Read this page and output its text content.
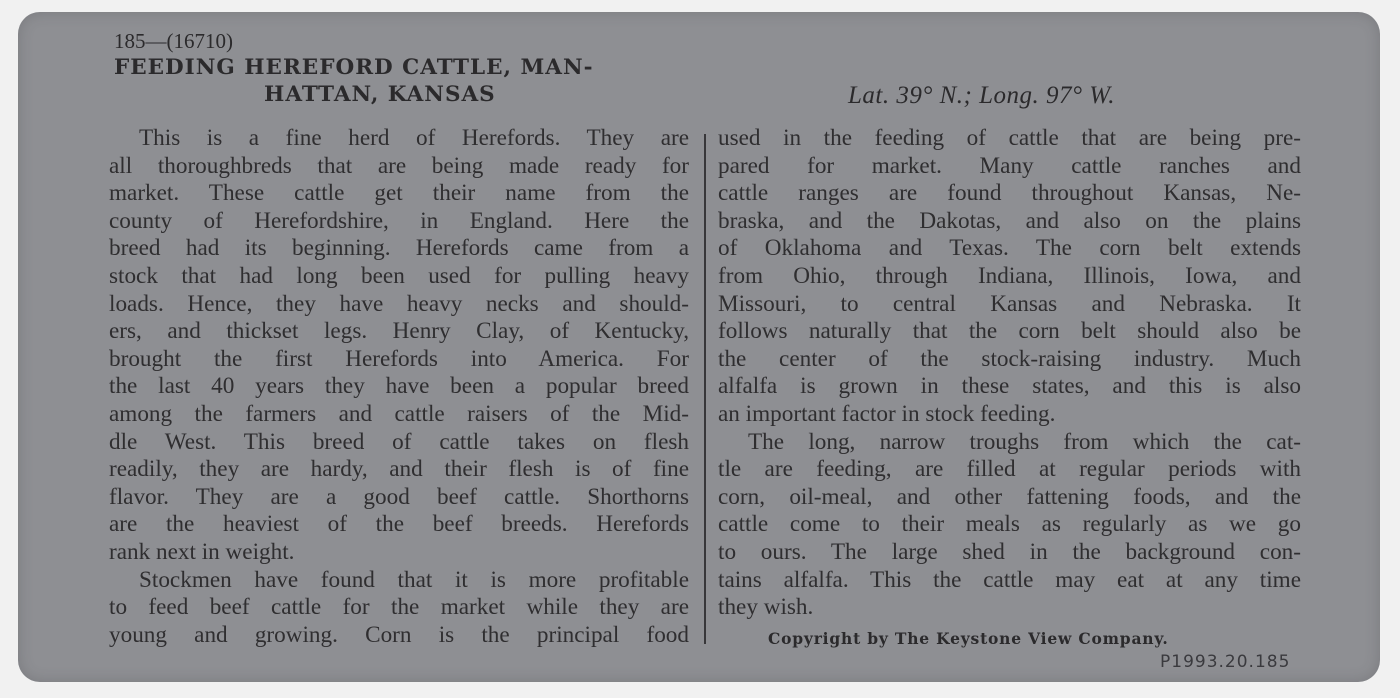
185—(16710)
FEEDING HEREFORD CATTLE, MAN-
HATTAN, KANSAS	Lat. 39° N.; Long. 97° W.

This is a fine herd of Herefords. They are
all thoroughbreds that are being made ready for
market. These cattle get their name from the
county of Herefordshire, in England. Here the
breed had its beginning. Herefords came from a
stock that had long been used for pulling heavy
loads. Hence, they have heavy necks and should-
ers, and thickset legs. Henry Clay, of Kentucky,
brought the first Herefords into America. For
the last 40 years they have been a popular breed
among the farmers and cattle raisers of the Mid-
dle West. This breed of cattle takes on flesh
readily, they are hardy, and their flesh is of fine
flavor. They are a good beef cattle. Shorthorns
are the heaviest of the beef breeds. Herefords
rank next in weight.

Stockmen have found that it is more profitable
to feed beef cattle for the market while they are
young and growing. Corn is the principal food

used in the feeding of cattle that are being pre-
pared for market. Many cattle ranches and
cattle ranges are found throughout Kansas, Ne-
braska, and the Dakotas, and also on the plains
of Oklahoma and Texas. The corn belt extends
from Ohio, through Indiana, Illinois, Iowa, and
Missouri, to central Kansas and Nebraska. It
follows naturally that the corn belt should also be
the center of the stock-raising industry. Much
alfalfa is grown in these states, and this is also
an important factor in stock feeding.

The long, narrow troughs from which the cat-
tle are feeding, are filled at regular periods with
corn, oil-meal, and other fattening foods, and the
cattle come to their meals as regularly as we go
to ours. The large shed in the background con-
tains alfalfa. This the cattle may eat at any time
they wish.

Copyright by The Keystone View Company.
P1993.20.185
